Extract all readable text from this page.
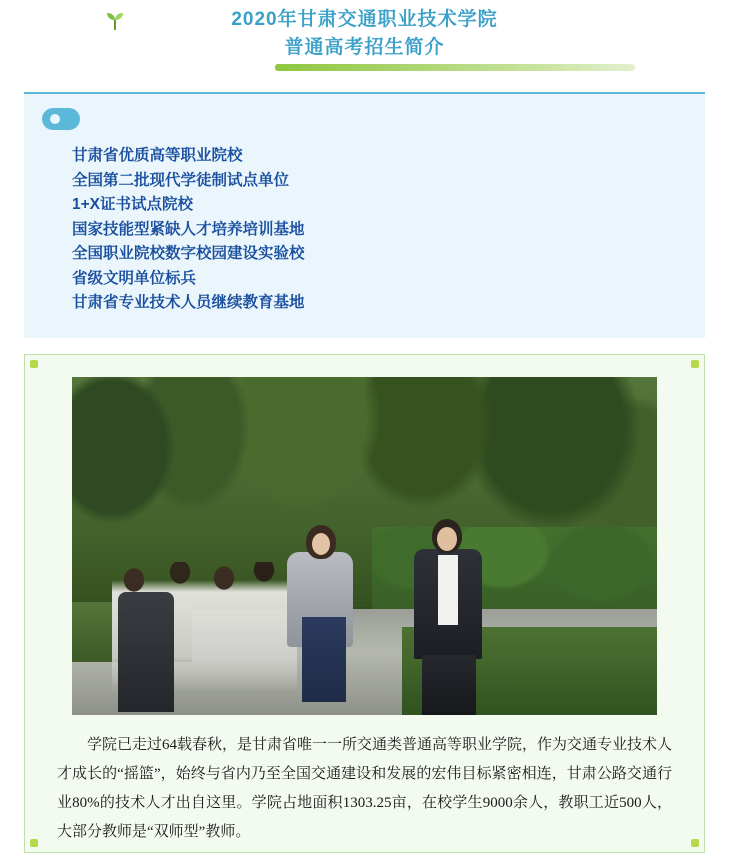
2020年甘肃交通职业技术学院
普通高考招生简介
甘肃省优质高等职业院校
全国第二批现代学徒制试点单位
1+X证书试点院校
国家技能型紧缺人才培养培训基地
全国职业院校数字校园建设实验校
省级文明单位标兵
甘肃省专业技术人员继续教育基地

学院已走过64载春秋，是甘肃省唯一一所交通类普通高等职业学院，作为交通专业技术人才成长的“摇篮”，始终与省内乃至全国交通建设和发展的宏伟目标紧密相连，甘肃公路交通行业80%的技术人才出自这里。学院占地面积1303.25亩，在校学生9000余人，教职工近500人，大部分教师是“双师型”教师。
